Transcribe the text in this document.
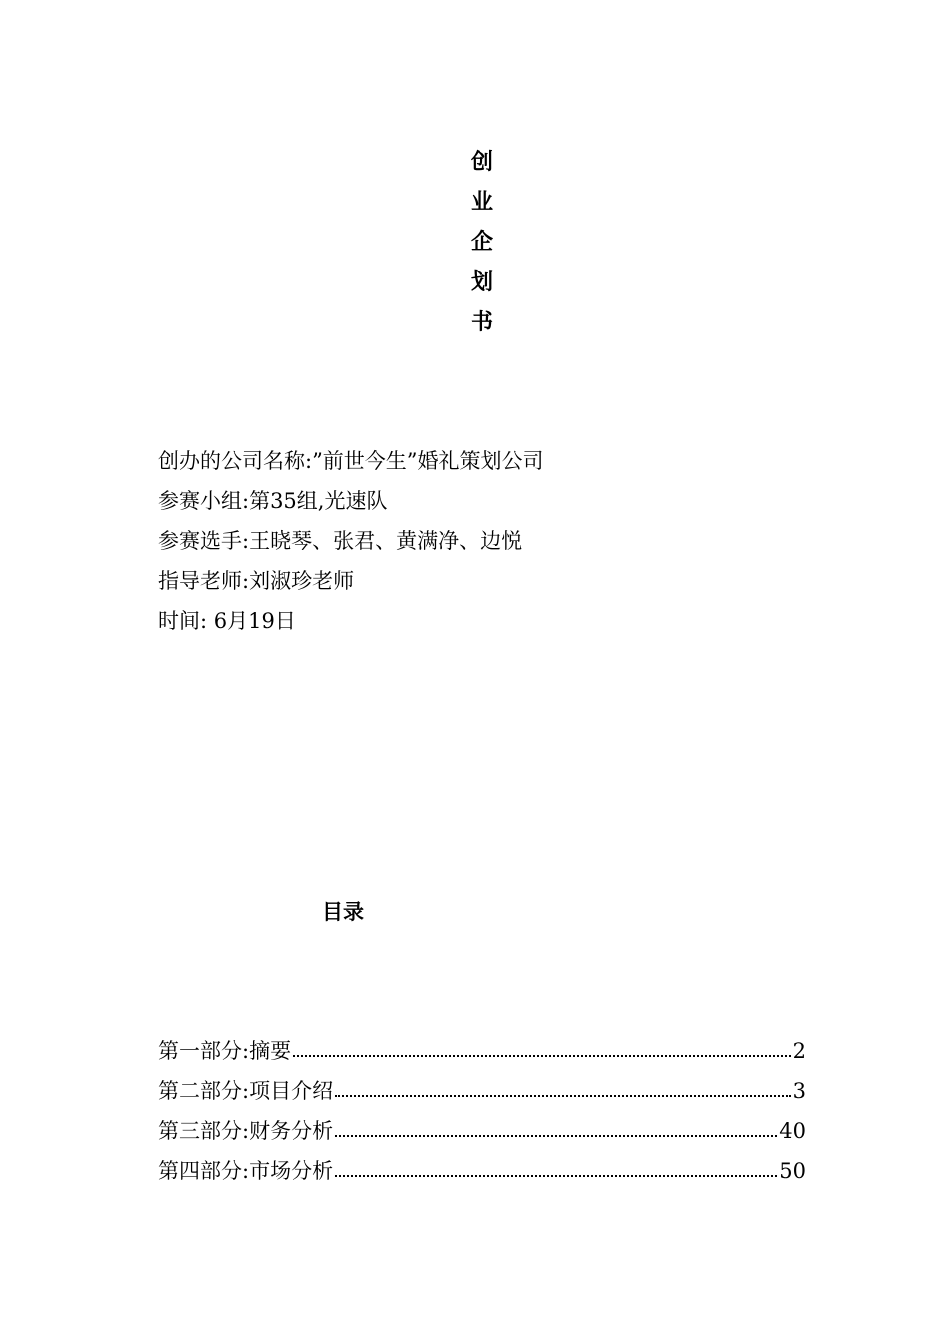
创
业
企
划
书
创办的公司名称:”前世今生”婚礼策划公司
参赛小组:第35组,光速队
参赛选手:王晓琴、张君、黄满净、边悦
指导老师:刘淑珍老师
时间: 6月19日
目录
第一部分:摘要	2
第二部分:项目介绍	3
第三部分:财务分析	40
第四部分:市场分析	50
